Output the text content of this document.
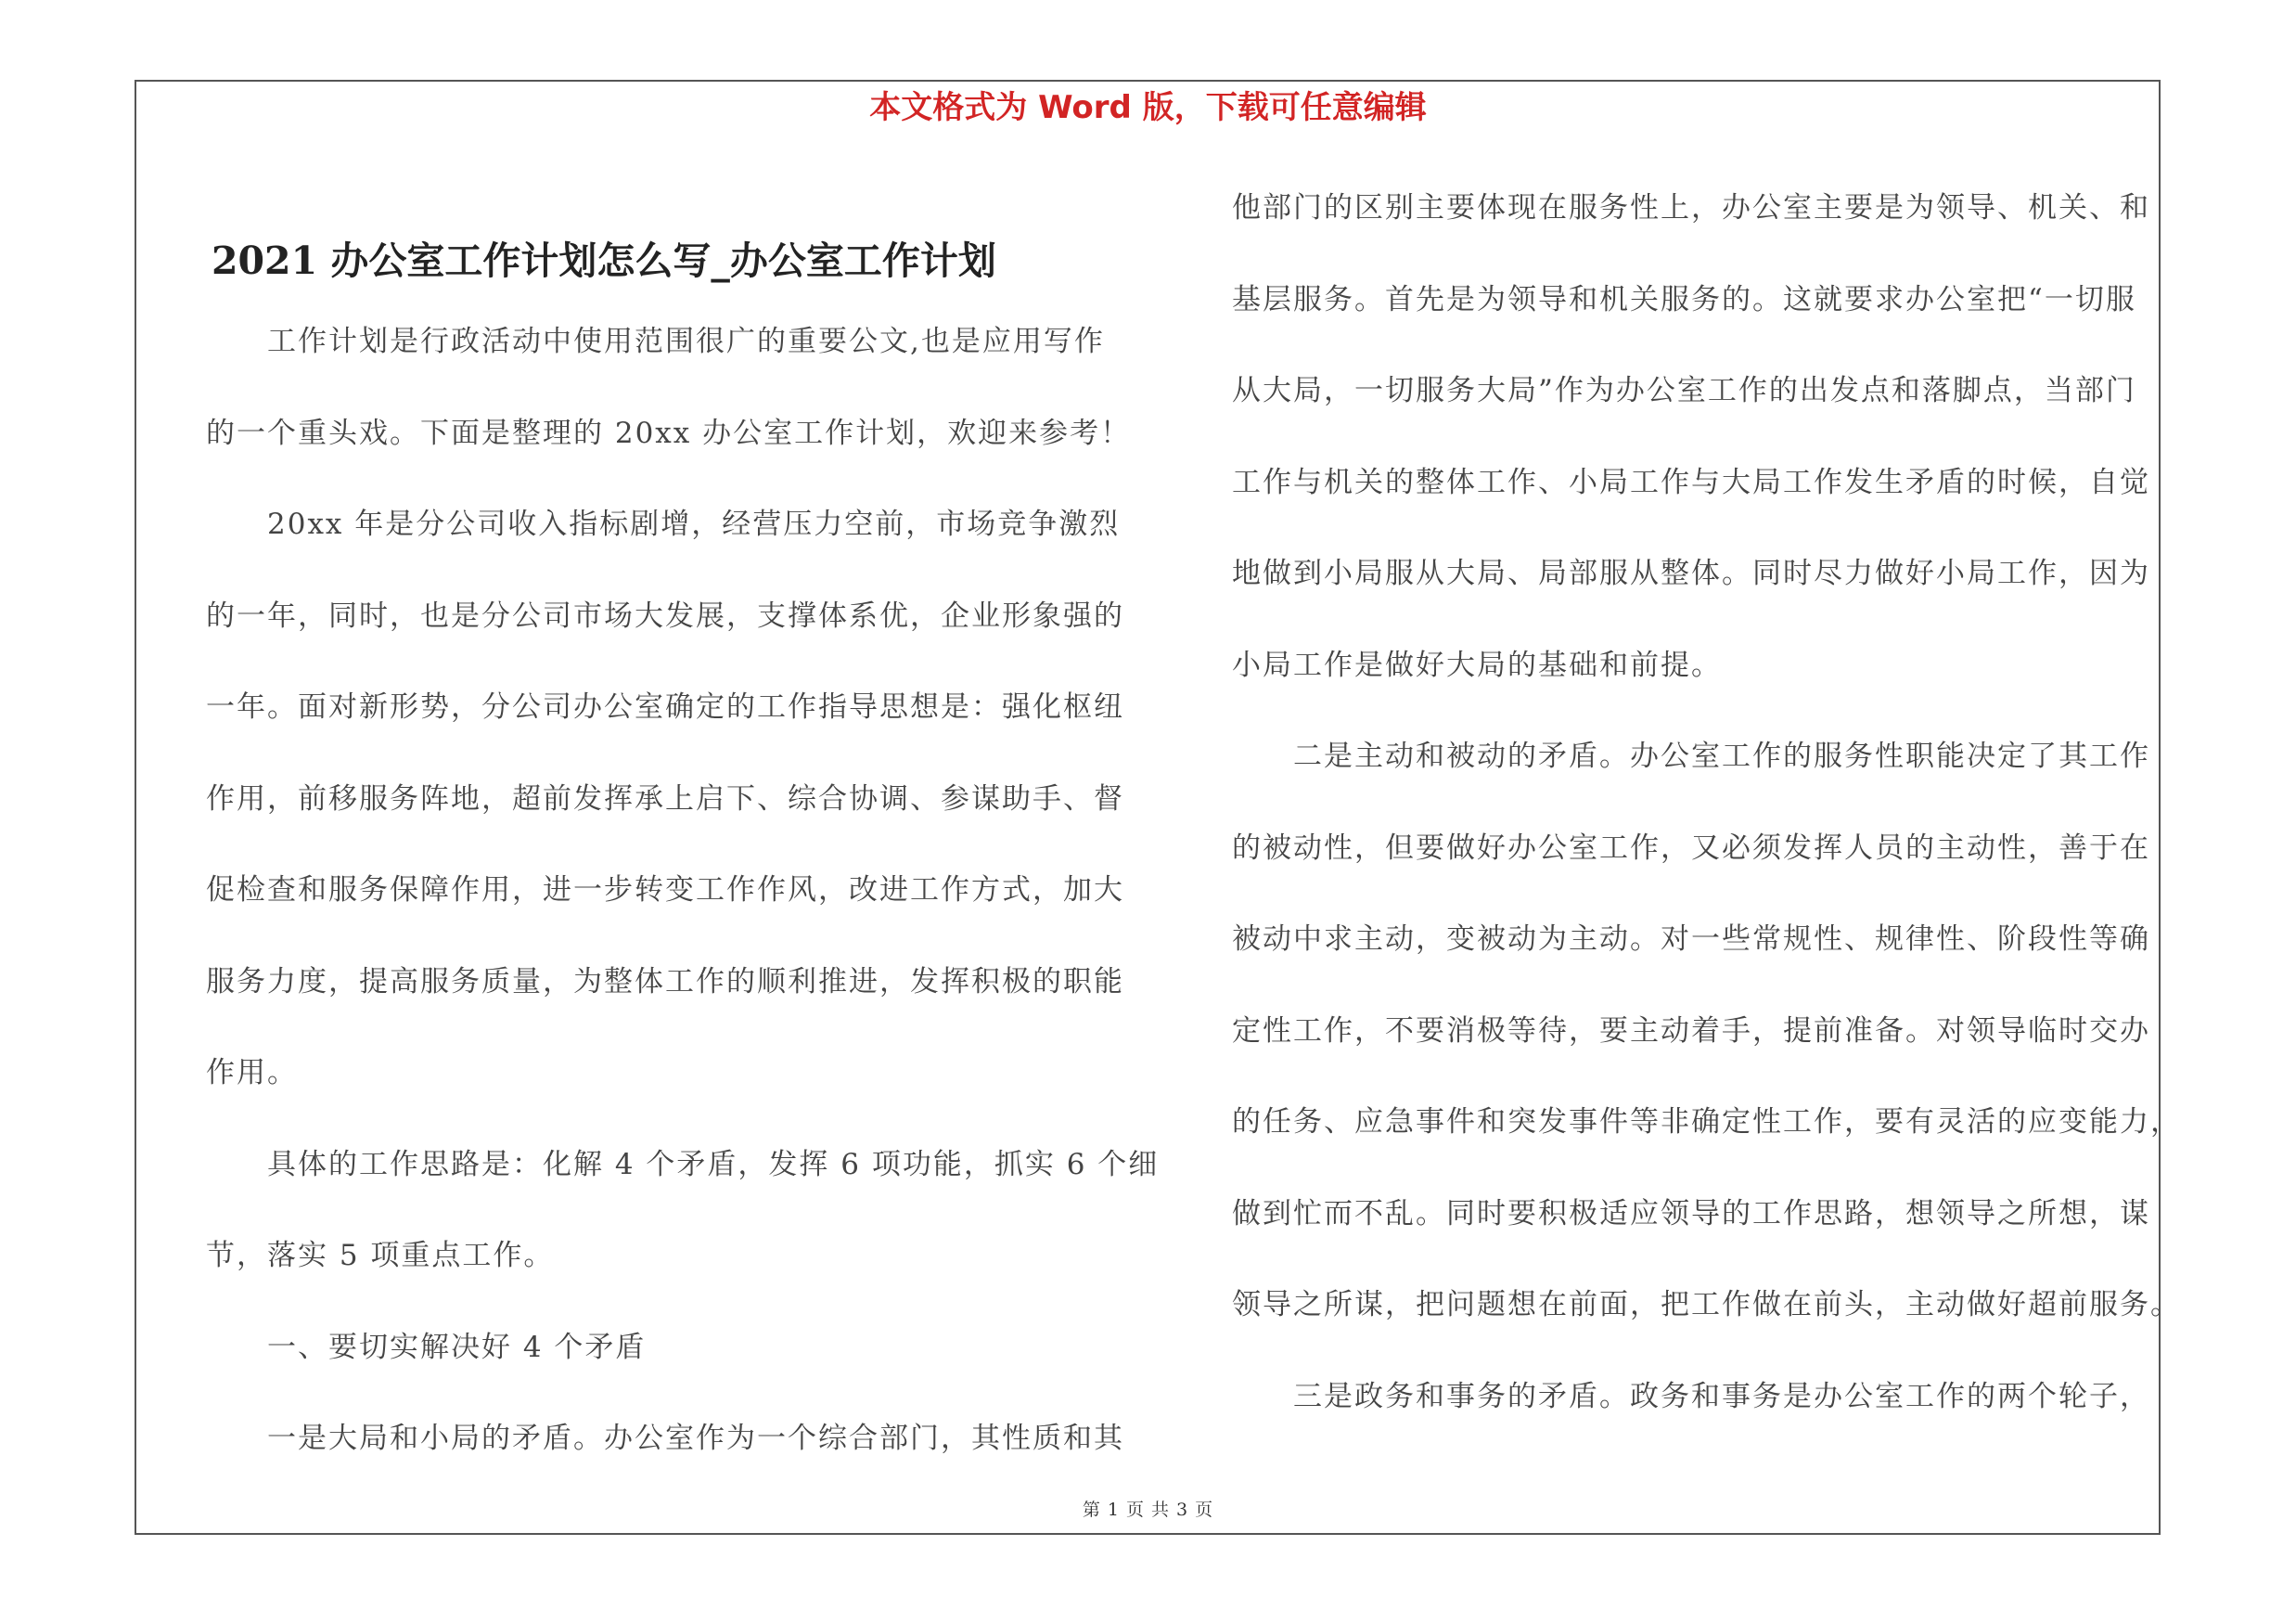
本文格式为 Word 版，下载可任意编辑
2021 办公室工作计划怎么写_办公室工作计划

　　工作计划是行政活动中使用范围很广的重要公文,也是应用写作

的一个重头戏。下面是整理的 20xx 办公室工作计划，欢迎来参考！

　　20xx 年是分公司收入指标剧增，经营压力空前，市场竞争激烈

的一年，同时，也是分公司市场大发展，支撑体系优，企业形象强的

一年。面对新形势，分公司办公室确定的工作指导思想是：强化枢纽

作用，前移服务阵地，超前发挥承上启下、综合协调、参谋助手、督

促检查和服务保障作用，进一步转变工作作风，改进工作方式，加大

服务力度，提高服务质量，为整体工作的顺利推进，发挥积极的职能

作用。

　　具体的工作思路是：化解 4 个矛盾，发挥 6 项功能，抓实 6 个细

节，落实 5 项重点工作。

　　一、要切实解决好 4 个矛盾

　　一是大局和小局的矛盾。办公室作为一个综合部门，其性质和其

他部门的区别主要体现在服务性上，办公室主要是为领导、机关、和

基层服务。首先是为领导和机关服务的。这就要求办公室把“一切服

从大局，一切服务大局”作为办公室工作的出发点和落脚点，当部门

工作与机关的整体工作、小局工作与大局工作发生矛盾的时候，自觉

地做到小局服从大局、局部服从整体。同时尽力做好小局工作，因为

小局工作是做好大局的基础和前提。

　　二是主动和被动的矛盾。办公室工作的服务性职能决定了其工作

的被动性，但要做好办公室工作，又必须发挥人员的主动性，善于在

被动中求主动，变被动为主动。对一些常规性、规律性、阶段性等确

定性工作，不要消极等待，要主动着手，提前准备。对领导临时交办

的任务、应急事件和突发事件等非确定性工作，要有灵活的应变能力，

做到忙而不乱。同时要积极适应领导的工作思路，想领导之所想，谋

领导之所谋，把问题想在前面，把工作做在前头，主动做好超前服务。

　　三是政务和事务的矛盾。政务和事务是办公室工作的两个轮子，

第 1 页 共 3 页
